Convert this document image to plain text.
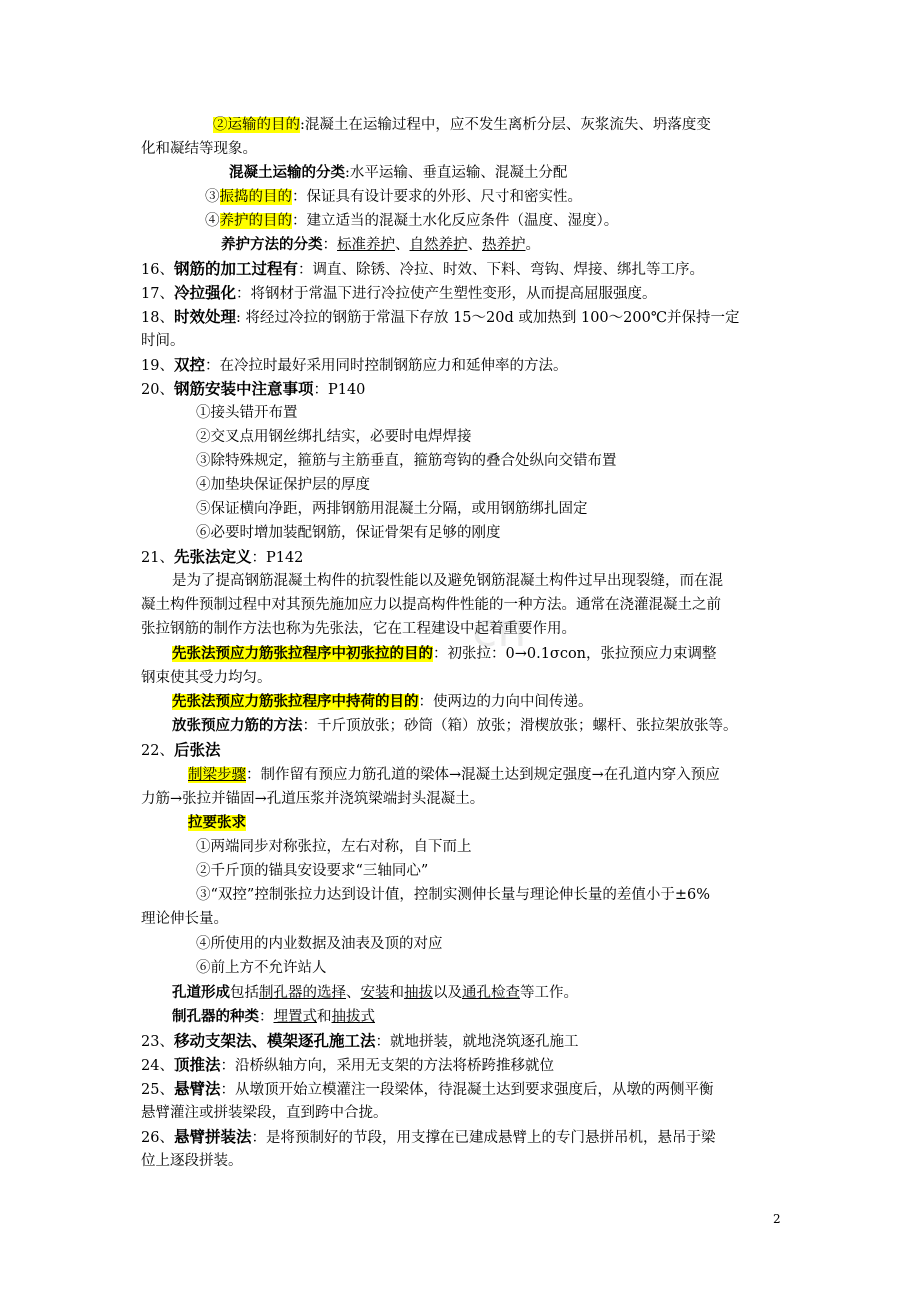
cn
②运输的目的:混凝土在运输过程中，应不发生离析分层、灰浆流失、坍落度变
化和凝结等现象。
混凝土运输的分类:水平运输、垂直运输、混凝土分配
③振捣的目的：保证具有设计要求的外形、尺寸和密实性。
④养护的目的：建立适当的混凝土水化反应条件（温度、湿度）。
养护方法的分类：标准养护、自然养护、热养护。
16、钢筋的加工过程有：调直、除锈、冷拉、时效、下料、弯钩、焊接、绑扎等工序。
17、冷拉强化：将钢材于常温下进行冷拉使产生塑性变形，从而提高屈服强度。
18、时效处理: 将经过冷拉的钢筋于常温下存放 15～20d 或加热到 100～200℃并保持一定
时间。
19、双控：在冷拉时最好采用同时控制钢筋应力和延伸率的方法。
20、钢筋安装中注意事项：P140
①接头错开布置
②交叉点用钢丝绑扎结实，必要时电焊焊接
③除特殊规定，箍筋与主筋垂直，箍筋弯钩的叠合处纵向交错布置
④加垫块保证保护层的厚度
⑤保证横向净距，两排钢筋用混凝土分隔，或用钢筋绑扎固定
⑥必要时增加装配钢筋，保证骨架有足够的刚度
21、先张法定义：P142
是为了提高钢筋混凝土构件的抗裂性能以及避免钢筋混凝土构件过早出现裂缝，而在混
凝土构件预制过程中对其预先施加应力以提高构件性能的一种方法。通常在浇灌混凝土之前
张拉钢筋的制作方法也称为先张法，它在工程建设中起着重要作用。
先张法预应力筋张拉程序中初张拉的目的：初张拉：0→0.1σcon，张拉预应力束调整
钢束使其受力均匀。
先张法预应力筋张拉程序中持荷的目的：使两边的力向中间传递。
放张预应力筋的方法：千斤顶放张；砂筒（箱）放张；滑楔放张；螺杆、张拉架放张等。
22、后张法
制梁步骤：制作留有预应力筋孔道的梁体→混凝土达到规定强度→在孔道内穿入预应
力筋→张拉并锚固→孔道压浆并浇筑梁端封头混凝土。
拉要张求
①两端同步对称张拉，左右对称，自下而上
②千斤顶的锚具安设要求“三轴同心”
③“双控”控制张拉力达到设计值，控制实测伸长量与理论伸长量的差值小于±6%
理论伸长量。
④所使用的内业数据及油表及顶的对应
⑥前上方不允许站人
孔道形成包括制孔器的选择、安装和抽拔以及通孔检查等工作。
制孔器的种类：埋置式和抽拔式
23、移动支架法、模架逐孔施工法：就地拼装，就地浇筑逐孔施工
24、顶推法：沿桥纵轴方向，采用无支架的方法将桥跨推移就位
25、悬臂法：从墩顶开始立模灌注一段梁体，待混凝土达到要求强度后，从墩的两侧平衡
悬臂灌注或拼装梁段，直到跨中合拢。
26、悬臂拼装法：是将预制好的节段，用支撑在已建成悬臂上的专门悬拼吊机，悬吊于梁
位上逐段拼装。
2
